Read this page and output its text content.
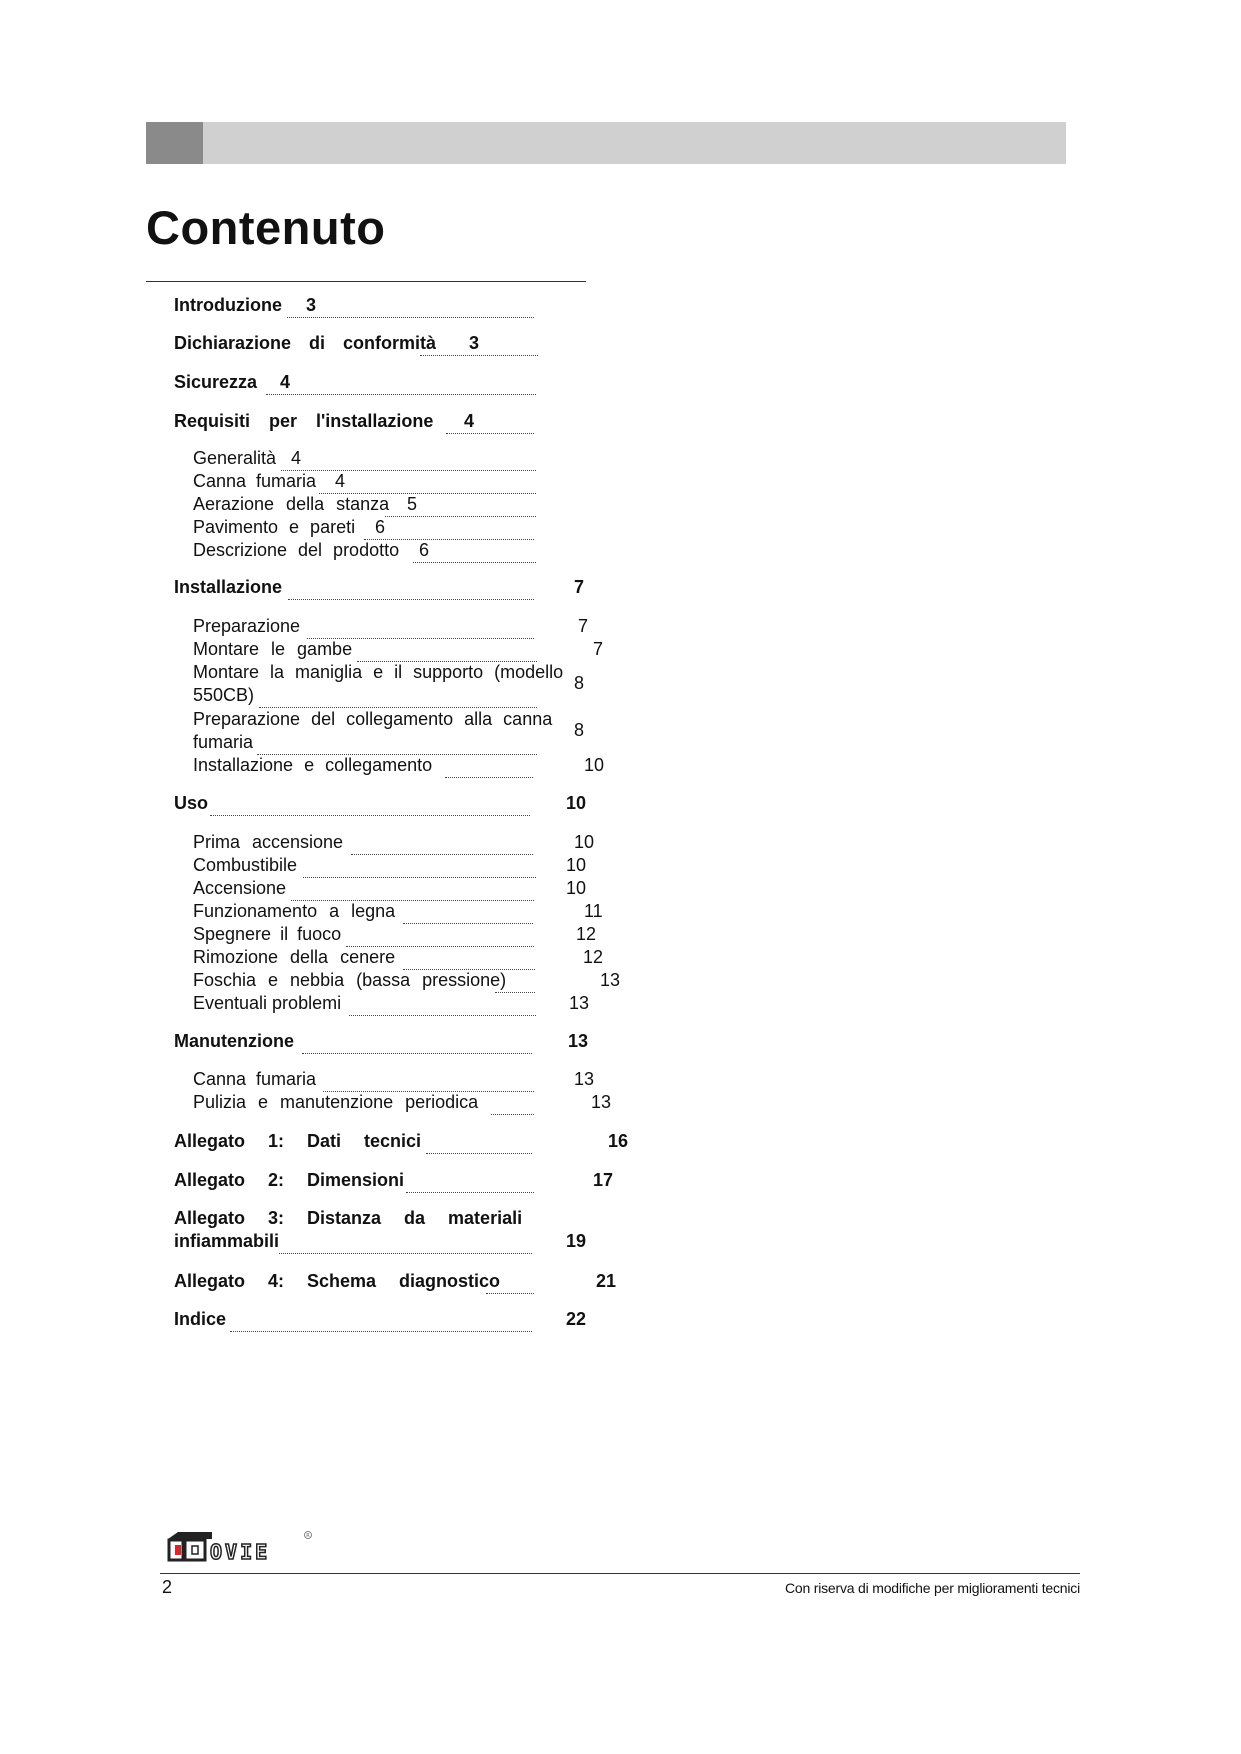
Contenuto
Introduzione 3
Dichiarazione di conformità 3
Sicurezza 4
Requisiti per l'installazione 4
Generalità 4
Canna fumaria 4
Aerazione della stanza 5
Pavimento e pareti 6
Descrizione del prodotto 6
Installazione	7
Preparazione	7
Montare le gambe	7
Montare la maniglia e il supporto (modello
550CB)
8
Preparazione del collegamento alla canna
fumaria
8
Installazione e collegamento	10
Uso	10
Prima accensione	10
Combustibile	10
Accensione	10
Funzionamento a legna	11
Spegnere il fuoco	12
Rimozione della cenere	12
Foschia e nebbia (bassa pressione)	13
Eventuali problemi	13
Manutenzione	13
Canna fumaria	13
Pulizia e manutenzione periodica	13
Allegato 1: Dati tecnici	16
Allegato 2: Dimensioni	17
Allegato 3: Distanza da materiali
infiammabili	19
Allegato 4: Schema diagnostico	21
Indice	22
OVIE
R
2	Con riserva di modifiche per miglioramenti tecnici
